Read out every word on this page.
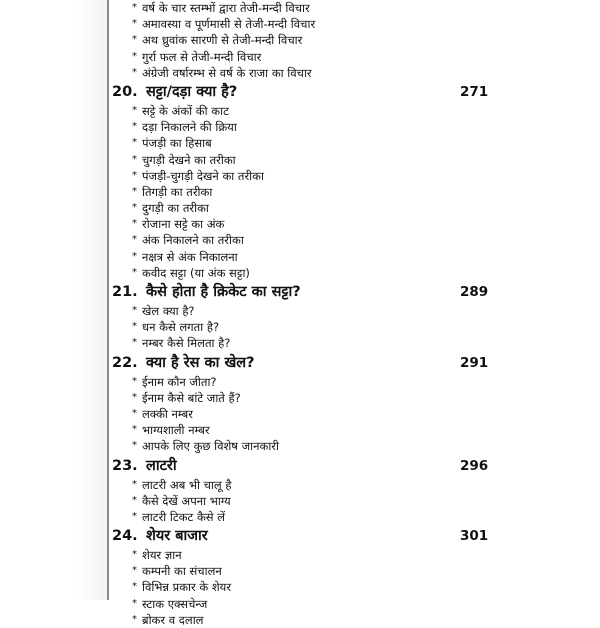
* वर्ष के चार स्तम्भों द्वारा तेजी-मन्दी विचार
* अमावस्या व पूर्णमासी से तेजी-मन्दी विचार
* अथ ध्रुवांक सारणी से तेजी-मन्दी विचार
* गुर्रा फल से तेजी-मन्दी विचार
* अंग्रेजी वर्षारम्भ से वर्ष के राजा का विचार
20. सट्टा/दड़ा क्या है?	271
* सट्टे के अंकों की काट
* दड़ा निकालने की क्रिया
* पंजड़ी का हिसाब
* चुगड़ी देखने का तरीका
* पंजड़ी-चुगड़ी देखने का तरीका
* तिगड़ी का तरीका
* दुगड़ी का तरीका
* रोजाना सट्टे का अंक
* अंक निकालने का तरीका
* नक्षत्र से अंक निकालना
* कवीद सट्टा (या अंक सट्टा)
21. कैसे होता है क्रिकेट का सट्टा?	289
* खेल क्या है?
* धन कैसे लगता है?
* नम्बर कैसे मिलता है?
22. क्या है रेस का खेल?	291
* ईनाम कौन जीता?
* ईनाम कैसे बांटे जाते हैं?
* लक्की नम्बर
* भाग्यशाली नम्बर
* आपके लिए कुछ विशेष जानकारी
23. लाटरी	296
* लाटरी अब भी चालू है
* कैसे देखें अपना भाग्य
* लाटरी टिकट कैसे लें
24. शेयर बाजार	301
* शेयर ज्ञान
* कम्पनी का संचालन
* विभिन्न प्रकार के शेयर
* स्टाक एक्सचेन्ज
* ब्रोकर व दलाल
